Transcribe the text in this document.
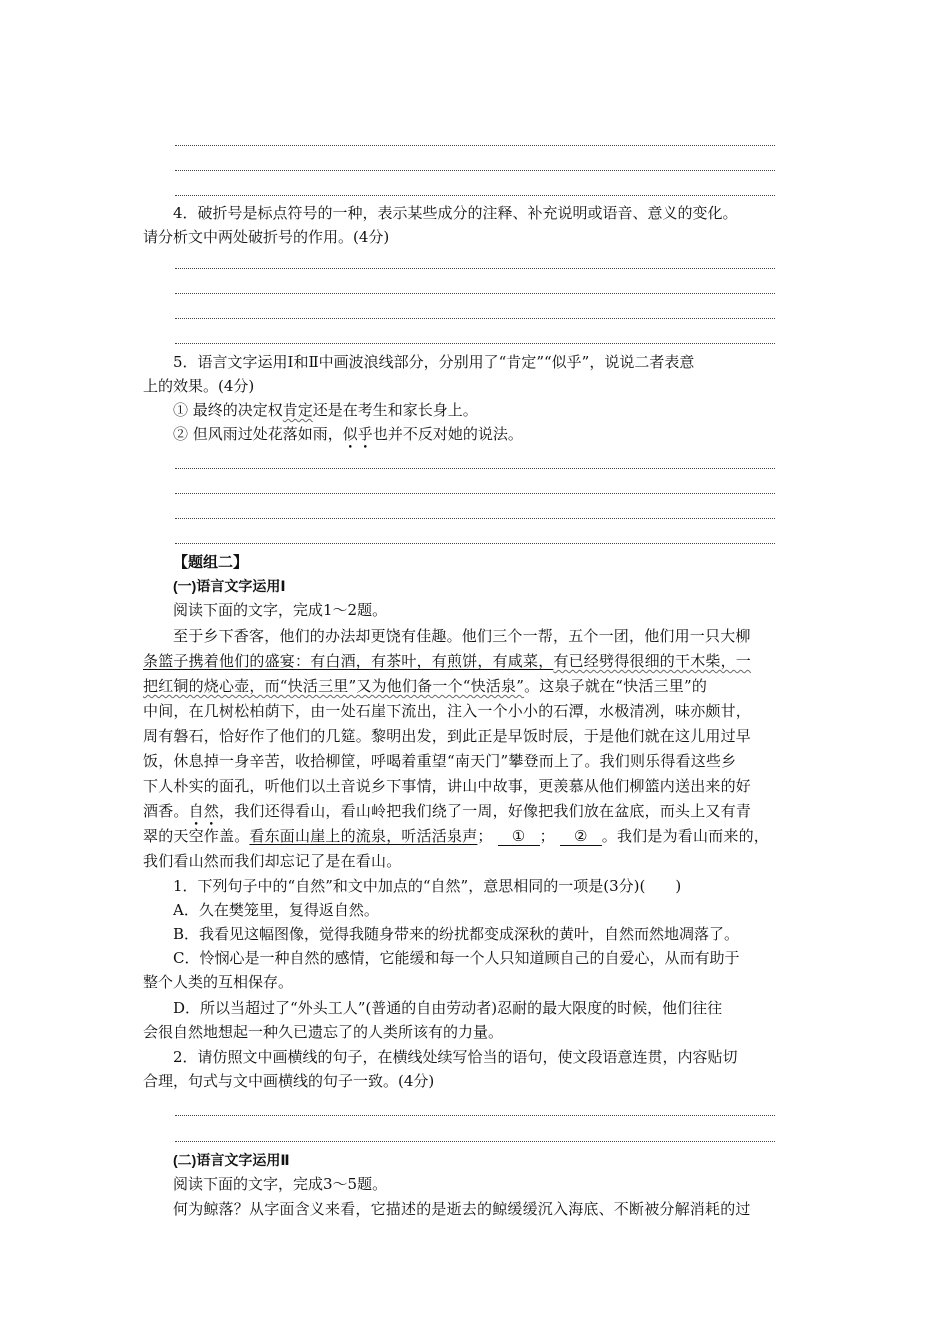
4．破折号是标点符号的一种，表示某些成分的注释、补充说明或语音、意义的变化。
请分析文中两处破折号的作用。(4分)
5．语言文字运用Ⅰ和Ⅱ中画波浪线部分，分别用了“肯定”“似乎”，说说二者表意
上的效果。(4分)
① 最终的决定权肯定还是在考生和家长身上。
② 但风雨过处花落如雨，似乎也并不反对她的说法。
【题组二】
(一)语言文字运用Ⅰ
阅读下面的文字，完成1～2题。
至于乡下香客，他们的办法却更饶有佳趣。他们三个一帮，五个一团，他们用一只大柳
条篮子携着他们的盛宴：有白酒，有茶叶，有煎饼，有咸菜，有已经劈得很细的干木柴，一
把红铜的烧心壶，而“快活三里”又为他们备一个“快活泉”。这泉子就在“快活三里”的
中间，在几树松柏荫下，由一处石崖下流出，注入一个小小的石潭，水极清冽，味亦颇甘，
周有磐石，恰好作了他们的几筵。黎明出发，到此正是早饭时辰，于是他们就在这儿用过早
饭，休息掉一身辛苦，收拾柳筐，呼喝着重望“南天门”攀登而上了。我们则乐得看这些乡
下人朴实的面孔，听他们以土音说乡下事情，讲山中故事，更羡慕从他们柳篮内送出来的好
酒香。自然，我们还得看山，看山岭把我们绕了一周，好像把我们放在盆底，而头上又有青
翠的天空作盖。看东面山崖上的流泉，听活活泉声； ① ； ② 。我们是为看山而来的，
我们看山然而我们却忘记了是在看山。
1．下列句子中的“自然”和文中加点的“自然”，意思相同的一项是(3分)(　　)
A．久在樊笼里，复得返自然。
B．我看见这幅图像，觉得我随身带来的纷扰都变成深秋的黄叶，自然而然地凋落了。
C．怜悯心是一种自然的感情，它能缓和每一个人只知道顾自己的自爱心，从而有助于
整个人类的互相保存。
D．所以当超过了“外头工人”(普通的自由劳动者)忍耐的最大限度的时候，他们往往
会很自然地想起一种久已遗忘了的人类所该有的力量。
2．请仿照文中画横线的句子，在横线处续写恰当的语句，使文段语意连贯，内容贴切
合理，句式与文中画横线的句子一致。(4分)
(二)语言文字运用Ⅱ
阅读下面的文字，完成3～5题。
何为鲸落？从字面含义来看，它描述的是逝去的鲸缓缓沉入海底、不断被分解消耗的过
